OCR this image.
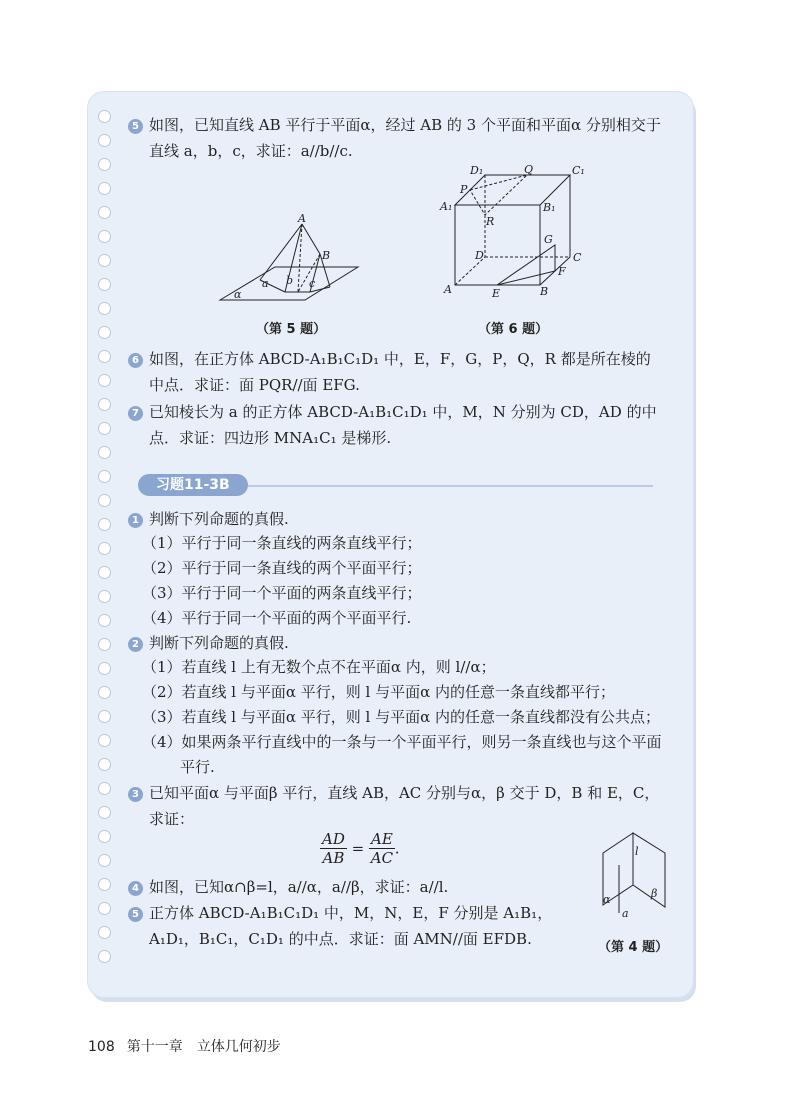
5 如图，已知直线 AB 平行于平面α，经过 AB 的 3 个平面和平面α 分别相交于
直线 a，b，c，求证：a//b//c.
6 如图，在正方体 ABCD-A₁B₁C₁D₁ 中，E，F，G，P，Q，R 都是所在棱的
中点．求证：面 PQR//面 EFG.
7 已知棱长为 a 的正方体 ABCD-A₁B₁C₁D₁ 中，M，N 分别为 CD，AD 的中
点．求证：四边形 MNA₁C₁ 是梯形.
1 判断下列命题的真假.
（1）平行于同一条直线的两条直线平行；
（2）平行于同一条直线的两个平面平行；
（3）平行于同一个平面的两条直线平行；
（4）平行于同一个平面的两个平面平行.
2 判断下列命题的真假.
（1）若直线 l 上有无数个点不在平面α 内，则 l//α；
（2）若直线 l 与平面α 平行，则 l 与平面α 内的任意一条直线都平行；
（3）若直线 l 与平面α 平行，则 l 与平面α 内的任意一条直线都没有公共点；
（4）如果两条平行直线中的一条与一个平面平行，则另一条直线也与这个平面
平行.
3 已知平面α 与平面β 平行，直线 AB，AC 分别与α，β 交于 D，B 和 E，C，
求证：
$\frac{AD}{AB} = \frac{AE}{AC}$ .
4 如图，已知α∩β=l，a//α，a//β，求证：a//l.
5 正方体 ABCD-A₁B₁C₁D₁ 中，M，N，E，F 分别是 A₁B₁，
A₁D₁，B₁C₁，C₁D₁ 的中点．求证：面 AMN//面 EFDB.
习题11-3B
A
B
a b c
α
（第 5 题）
D₁	Q	C₁
P
A₁	B₁
R
G
D	C
F
A	E	B
（第 6 题）
l
α	β
a
（第 4 题）
108 第十一章　立体几何初步
